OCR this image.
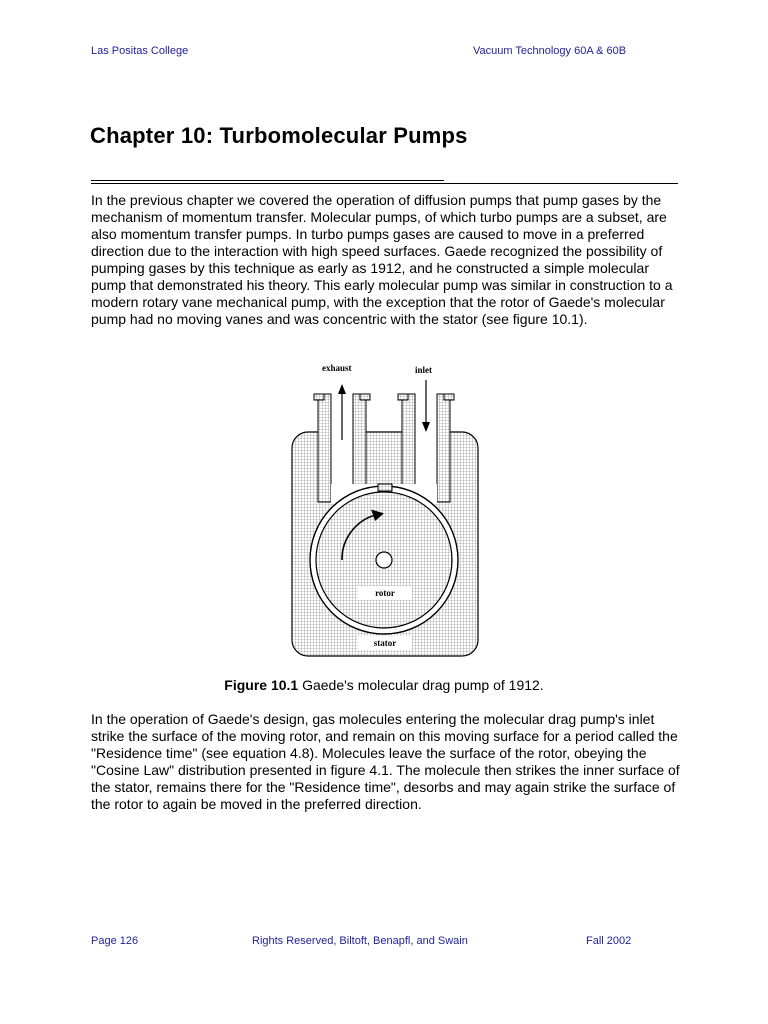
Las Positas College	Vacuum Technology 60A & 60B
Chapter 10: Turbomolecular Pumps

In the previous chapter we covered the operation of diffusion pumps that pump gases by the mechanism of momentum transfer. Molecular pumps, of which turbo pumps are a subset, are also momentum transfer pumps. In turbo pumps gases are caused to move in a preferred direction due to the interaction with high speed surfaces. Gaede recognized the possibility of pumping gases by this technique as early as 1912, and he constructed a simple molecular pump that demonstrated his theory. This early molecular pump was similar in construction to a modern rotary vane mechanical pump, with the exception that the rotor of Gaede's molecular pump had no moving vanes and was concentric with the stator (see figure 10.1).

exhaust	inlet
rotor
stator
Figure 10.1 Gaede's molecular drag pump of 1912.

In the operation of Gaede's design, gas molecules entering the molecular drag pump's inlet strike the surface of the moving rotor, and remain on this moving surface for a period called the "Residence time" (see equation 4.8). Molecules leave the surface of the rotor, obeying the "Cosine Law" distribution presented in figure 4.1. The molecule then strikes the inner surface of the stator, remains there for the "Residence time", desorbs and may again strike the surface of the rotor to again be moved in the preferred direction.

Page 126	Rights Reserved, Biltoft, Benapfl, and Swain	Fall 2002
